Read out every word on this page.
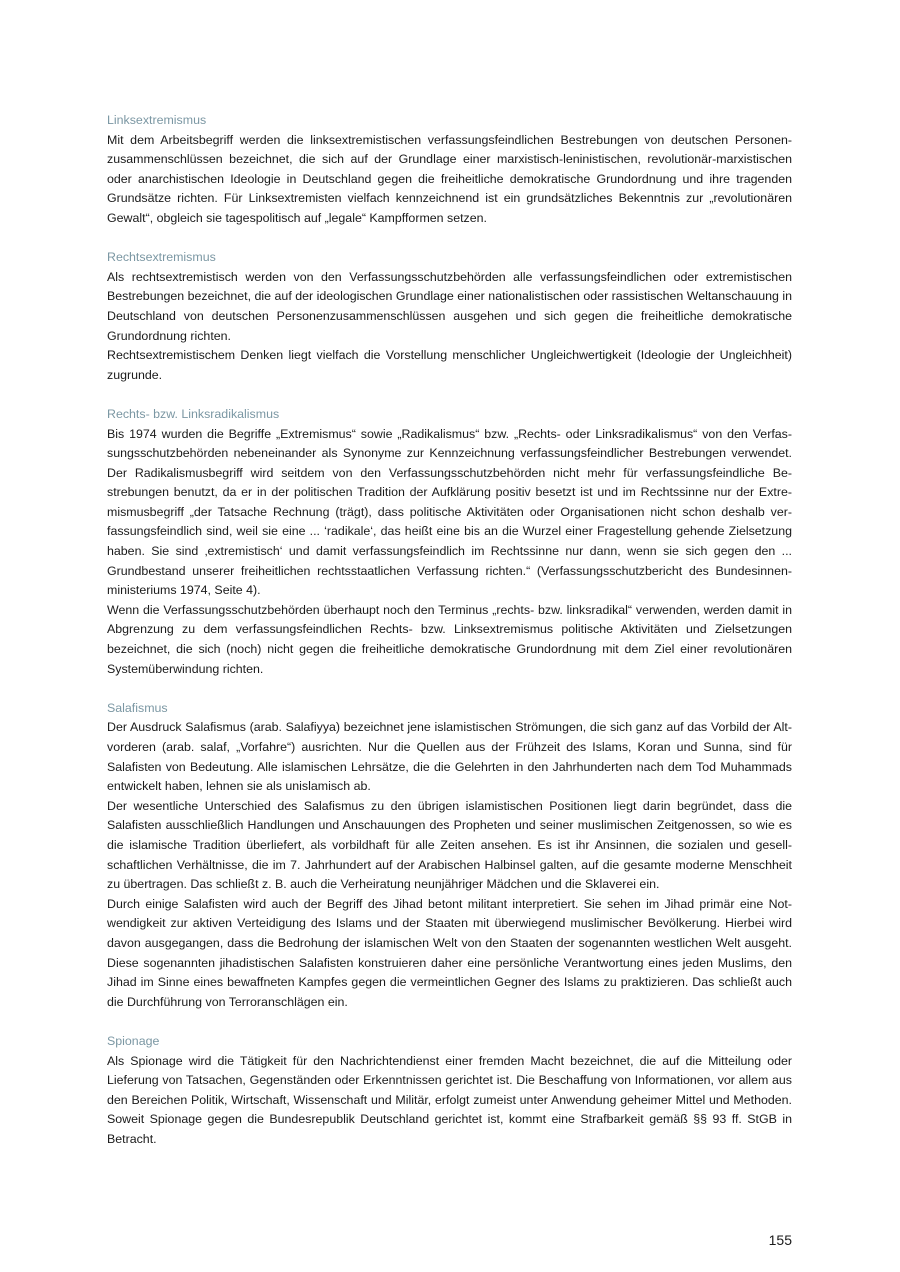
Linksextremismus

Mit dem Arbeitsbegriff werden die linksextremistischen verfassungsfeindlichen Bestrebungen von deutschen Personenzusammenschlüssen bezeichnet, die sich auf der Grundlage einer marxistisch-leninistischen, revolutionär-marxistischen oder anarchistischen Ideologie in Deutschland gegen die freiheitliche demokratische Grundordnung und ihre tragenden Grundsätze richten. Für Linksextremisten vielfach kennzeichnend ist ein grundsätzliches Bekenntnis zur „revolutionären Gewalt“, obgleich sie tagespolitisch auf „legale“ Kampfformen setzen.

Rechtsextremismus

Als rechtsextremistisch werden von den Verfassungsschutzbehörden alle verfassungsfeindlichen oder extremistischen Bestrebungen bezeichnet, die auf der ideologischen Grundlage einer nationalistischen oder rassistischen Weltanschauung in Deutschland von deutschen Personenzusammenschlüssen ausgehen und sich gegen die freiheitliche demokratische Grundordnung richten.

Rechtsextremistischem Denken liegt vielfach die Vorstellung menschlicher Ungleichwertigkeit (Ideologie der Ungleichheit) zugrunde.

Rechts- bzw. Linksradikalismus

Bis 1974 wurden die Begriffe „Extremismus“ sowie „Radikalismus“ bzw. „Rechts- oder Linksradikalismus“ von den Verfassungsschutzbehörden nebeneinander als Synonyme zur Kennzeichnung verfassungsfeindlicher Bestrebungen verwendet. Der Radikalismusbegriff wird seitdem von den Verfassungsschutzbehörden nicht mehr für verfassungsfeindliche Bestrebungen benutzt, da er in der politischen Tradition der Aufklärung positiv besetzt ist und im Rechtssinne nur der Extremismusbegriff „der Tatsache Rechnung (trägt), dass politische Aktivitäten oder Organisationen nicht schon deshalb verfassungsfeindlich sind, weil sie eine ... ‘radikale‘, das heißt eine bis an die Wurzel einer Fragestellung gehende Zielsetzung haben. Sie sind ‚extremistisch‘ und damit verfassungsfeindlich im Rechtssinne nur dann, wenn sie sich gegen den ... Grundbestand unserer freiheitlichen rechtsstaatlichen Verfassung richten.“ (Verfassungsschutzbericht des Bundesinnenministeriums 1974, Seite 4).

Wenn die Verfassungsschutzbehörden überhaupt noch den Terminus „rechts- bzw. linksradikal“ verwenden, werden damit in Abgrenzung zu dem verfassungsfeindlichen Rechts- bzw. Linksextremismus politische Aktivitäten und Zielsetzungen bezeichnet, die sich (noch) nicht gegen die freiheitliche demokratische Grundordnung mit dem Ziel einer revolutionären Systemüberwindung richten.

Salafismus

Der Ausdruck Salafismus (arab. Salafiyya) bezeichnet jene islamistischen Strömungen, die sich ganz auf das Vorbild der Altvorderen (arab. salaf, „Vorfahre“) ausrichten. Nur die Quellen aus der Frühzeit des Islams, Koran und Sunna, sind für Salafisten von Bedeutung. Alle islamischen Lehrsätze, die die Gelehrten in den Jahrhunderten nach dem Tod Muhammads entwickelt haben, lehnen sie als unislamisch ab.

Der wesentliche Unterschied des Salafismus zu den übrigen islamistischen Positionen liegt darin begründet, dass die Salafisten ausschließlich Handlungen und Anschauungen des Propheten und seiner muslimischen Zeitgenossen, so wie es die islamische Tradition überliefert, als vorbildhaft für alle Zeiten ansehen. Es ist ihr Ansinnen, die sozialen und gesellschaftlichen Verhältnisse, die im 7. Jahrhundert auf der Arabischen Halbinsel galten, auf die gesamte moderne Menschheit zu übertragen. Das schließt z. B. auch die Verheiratung neunjähriger Mädchen und die Sklaverei ein.

Durch einige Salafisten wird auch der Begriff des Jihad betont militant interpretiert. Sie sehen im Jihad primär eine Notwendigkeit zur aktiven Verteidigung des Islams und der Staaten mit überwiegend muslimischer Bevölkerung. Hierbei wird davon ausgegangen, dass die Bedrohung der islamischen Welt von den Staaten der sogenannten westlichen Welt ausgeht. Diese sogenannten jihadistischen Salafisten konstruieren daher eine persönliche Verantwortung eines jeden Muslims, den Jihad im Sinne eines bewaffneten Kampfes gegen die vermeintlichen Gegner des Islams zu praktizieren. Das schließt auch die Durchführung von Terroranschlägen ein.

Spionage

Als Spionage wird die Tätigkeit für den Nachrichtendienst einer fremden Macht bezeichnet, die auf die Mitteilung oder Lieferung von Tatsachen, Gegenständen oder Erkenntnissen gerichtet ist. Die Beschaffung von Informationen, vor allem aus den Bereichen Politik, Wirtschaft, Wissenschaft und Militär, erfolgt zumeist unter Anwendung geheimer Mittel und Methoden. Soweit Spionage gegen die Bundesrepublik Deutschland gerichtet ist, kommt eine Strafbarkeit gemäß §§ 93 ff. StGB in Betracht.

155
